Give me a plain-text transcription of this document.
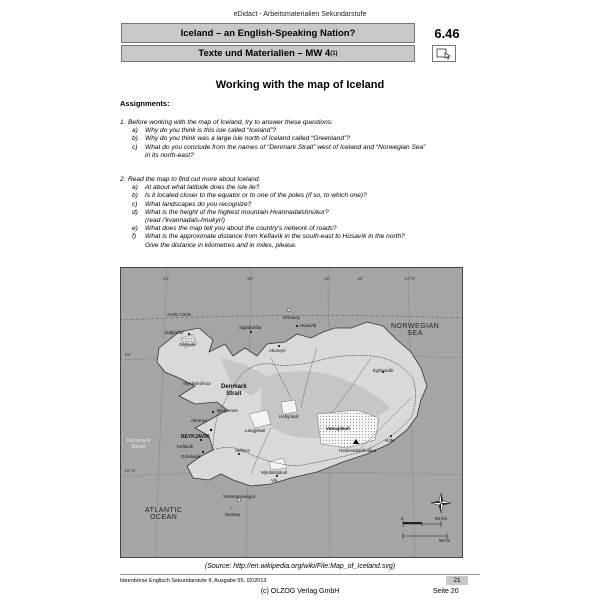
eDidact - Arbeitsmaterialien Sekundarstufe
Iceland – an English-Speaking Nation?	6.46
Texte und Materialien – MW 4 (1)
Working with the map of Iceland
Assignments:
1. Before working with the map of Iceland, try to answer these questions:
a)	Why do you think is this isle called “Iceland”?
b)	Why do you think was a large isle north of Iceland called “Greenland”?
c)	What do you conclude from the names of “Denmark Strait” west of Iceland and “Norwegian Sea”
in its north-east?
2. Read the map to find out more about Iceland.
a)	At about what latitude does the isle lie?
b)	Is it located closer to the equator or to one of the poles (if so, to which one)?
c)	What landscapes do you recognize?
d)	What is the height of the highest mountain Hvannadalshnúkur?
(read /’kvannadals-hnukyr/)
e)	What does the map tell you about the country’s network of roads?
f)	What is the approximate distance from Keflavík in the south-east to Húsavík in the north?
Give the distance in kilometres and in miles, please.
24°	20°	18°	14°W
16°
66°
64°N
Arctic Circle
NORWEGIAN
SEA
ATLANTIC
OCEAN
Denmark
Strait
Denmark
Strait
Grímsey
Húsavík
Akureyri
Ísafjörður
Siglufjörður
Súðavík
Stykkishólmur
Borgarnes
Akranes
REYKJAVÍK
Keflavík
Grindavík
Selfoss
Vestmannaeyjar
Surtsey
Vík
Egilsstaðir
Höfn
Vatnajökull
Langjökull
Hofsjökull
Mýrdalsjökull
Hvannadalshnúkur
0	50 km
50 mi
(Source: http://en.wikipedia.org/wiki/File:Map_of_Iceland.svg)
Ideenbörse Englisch Sekundarstufe II, Ausgabe 55, 02/2013	21
(c) OLZOG Verlag GmbH	Seite 20
